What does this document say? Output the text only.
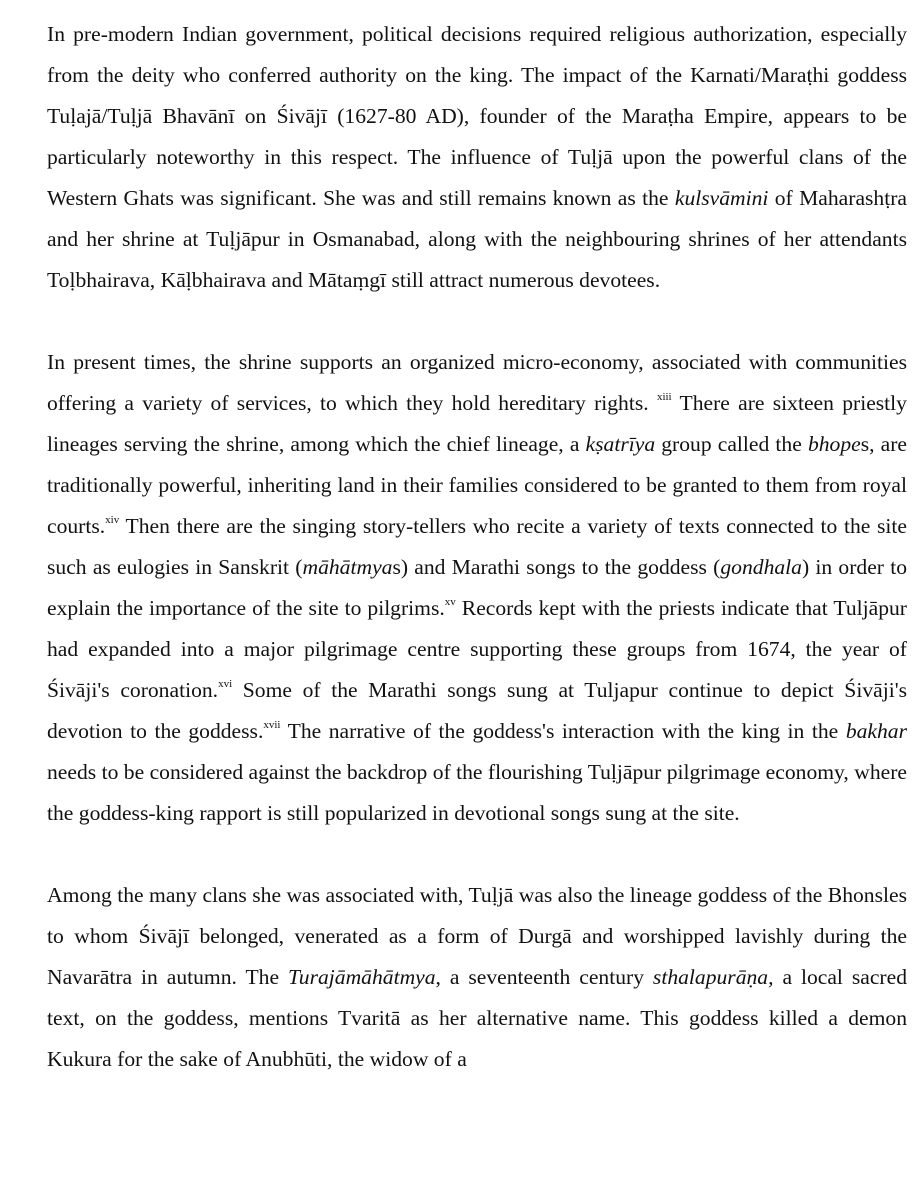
In pre-modern Indian government, political decisions required religious authorization, especially from the deity who conferred authority on the king. The impact of the Karnati/Maraṭhi goddess Tuḷajā/Tuḷjā Bhavānī on Śivājī (1627-80 AD), founder of the Maraṭha Empire, appears to be particularly noteworthy in this respect. The influence of Tuḷjā upon the powerful clans of the Western Ghats was significant. She was and still remains known as the kulsvāmini of Maharashṭra and her shrine at Tuḷjāpur in Osmanabad, along with the neighbouring shrines of her attendants Toḷbhairava, Kāḷbhairava and Mātaṃgī still attract numerous devotees.

In present times, the shrine supports an organized micro-economy, associated with communities offering a variety of services, to which they hold hereditary rights. $^{xiii}$ There are sixteen priestly lineages serving the shrine, among which the chief lineage, a kṣatrīya group called the bhopes, are traditionally powerful, inheriting land in their families considered to be granted to them from royal courts.$^{xiv}$ Then there are the singing story-tellers who recite a variety of texts connected to the site such as eulogies in Sanskrit (māhātmyas) and Marathi songs to the goddess (gondhala) in order to explain the importance of the site to pilgrims.$^{xv}$ Records kept with the priests indicate that Tuljāpur had expanded into a major pilgrimage centre supporting these groups from 1674, the year of Śivāji's coronation.$^{xvi}$ Some of the Marathi songs sung at Tuljapur continue to depict Śivāji's devotion to the goddess.$^{xvii}$ The narrative of the goddess's interaction with the king in the bakhar needs to be considered against the backdrop of the flourishing Tuḷjāpur pilgrimage economy, where the goddess-king rapport is still popularized in devotional songs sung at the site.

Among the many clans she was associated with, Tuḷjā was also the lineage goddess of the Bhonsles to whom Śivājī belonged, venerated as a form of Durgā and worshipped lavishly during the Navarātra in autumn. The Turajāmāhātmya, a seventeenth century sthalapurāṇa, a local sacred text, on the goddess, mentions Tvaritā as her alternative name. This goddess killed a demon Kukura for the sake of Anubhūti, the widow of a
